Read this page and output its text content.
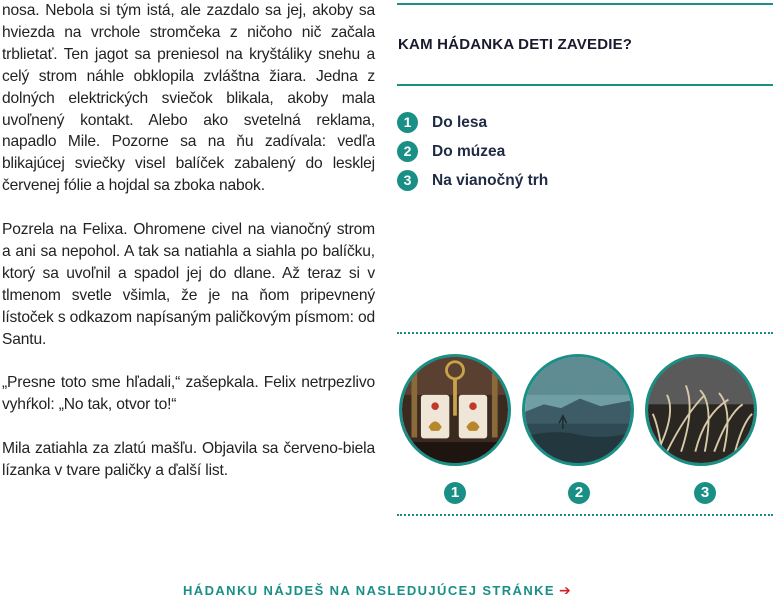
nosa. Nebola si tým istá, ale zazdalo sa jej, akoby sa hviezda na vrchole stromčeka z ničoho nič začala trblietať. Ten jagot sa preniesol na kryštáliky snehu a celý strom náhle obklopila zvláštna žiara. Jedna z dolných elektrických sviečok blikala, akoby mala uvoľnený kontakt. Alebo ako svetelná reklama, napadlo Mile. Pozorne sa na ňu zadívala: vedľa blikajúcej sviečky visel balíček zabalený do lesklej červenej fólie a hojdal sa zboka nabok.

Pozrela na Felixa. Ohromene civel na vianočný strom a ani sa nepohol. A tak sa natiahla a siahla po balíčku, ktorý sa uvoľnil a spadol jej do dlane. Až teraz si v tlmenom svetle všimla, že je na ňom pripevnený lístoček s odkazom napísaným paličkovým písmom: od Santu.

„Presne toto sme hľadali,“ zašepkala. Felix netrpezlivo vyhŕkol: „No tak, otvor to!“

Mila zatiahla za zlatú mašľu. Objavila sa červeno-biela lízanka v tvare paličky a ďalší list.

KAM HÁDANKA DETI ZAVEDIE?
1	Do lesa
2	Do múzea
3	Na vianočný trh
1	2	3
HÁDANKU NÁJDEŠ NA NASLEDUJÚCEJ STRÁNKE ➔
